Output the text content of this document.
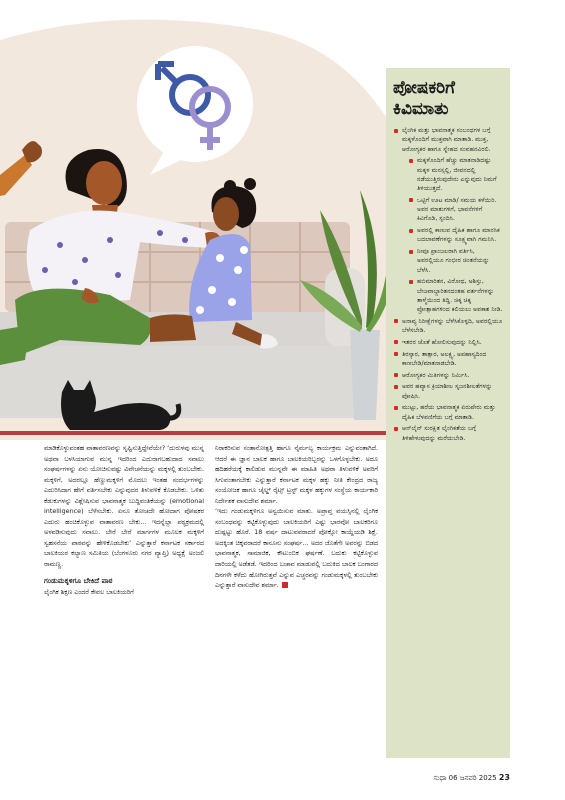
ಪೋಷಕರಿಗೆ
ಕಿವಿಮಾತು
ಲೈಂಗಿಕ ಮತ್ತು ಭಾವನಾತ್ಮಕ ಸಂಬಂಧಗಳ ಬಗ್ಗೆ ಮಕ್ಕಳೊಂದಿಗೆ ಮುಕ್ತವಾಗಿ ಮಾತಾಡಿ. ಮುಕ್ತ, ಆರೋಗ್ಯಕರ ಹಾಗೂ ಸ್ನೇಹದ ಸಂವಹನವಿರಲಿ.
ಮಕ್ಕಳೊಂದಿಗೆ ಹೆಚ್ಚು ಮಾತನಾಡಿದಷ್ಟು ಮಕ್ಕಳ ಮನಸ್ಸಲ್ಲಿ, ಜೀವನದಲ್ಲಿ ನಡೆಯುತ್ತಿರುವುದೇನು ಎನ್ನುವುದು ನಿಮಗೆ ತಿಳಿಯುತ್ತದೆ.
ಒಟ್ಟಿಗೆ ಊಟ ಮಾಡಿ/ ಸಮಯ ಕಳೆಯಿರಿ. ಅವರ ಮಾತುಗಳಿಗೆ, ಭಾವನೆಗಳಿಗೆ ಕಿವಿಗೊಡಿ, ಸ್ಪಂದಿಸಿ.
ಅವರಲ್ಲಿ ಕಾಣುವ ದೈಹಿಕ ಹಾಗೂ ಮಾನಸಿಕ ಬದಲಾವಣೆಗಳನ್ನು ಸೂಕ್ಷ್ಮವಾಗಿ ಗಮನಿಸಿ.
ನೀವೂ ಪ್ರಾಂಜಲರಾಗಿ ವರ್ತಿಸಿ, ಅವರಲ್ಲಿಯೂ ಗಂಭೀರ ಚಿಂತನೆಯನ್ನು ಬೆಳೆಸಿ.
ಹಬಿಮಾರಿತನ, ವಿರೋಧ, ಅಶಿಸ್ತು, ಬೇಜವಾಬ್ದಾರಿತನದಂತಹ ವರ್ತನೆಗಳನ್ನು ತಾಳ್ಮೆಯಿಂದ ತಿದ್ದಿ. ಚಿಕ್ಕ ಚಿಕ್ಕ ಪ್ರೋತ್ಸಾಹಗಳಿಂದ ಕಲಿಯಲು ಅವಕಾಶ ನೀಡಿ.
ಅನಾವ್ಯ ನಿರೀಕ್ಷೆಗಳನ್ನು ಬೆಳೆಸಿಕೊಳ್ಳದಿ, ಅವರಲ್ಲಿಯೂ ಬೆಳೆಸಬೇಡಿ.
ಇತರರ ಜೊತೆ ಹೋಲಿಸುವುದನ್ನು ನಿಲ್ಲಿಸಿ.
ತಿರಸ್ಕಾರ, ತಾತ್ಸಾರ, ಅಲಕ್ಷ್ಯ, ಅಪಹಾಸ್ಯದಿಂದ ಕಾಣಬೇಡಿ/ಮಾತನಾಡಬೇಡಿ.
ಆರೋಗ್ಯಕರ ಮಿತಿಗಳನ್ನು ನಿರ್ಮಿಸಿ.
ಅವರ ಹವ್ಯಾಸ ಕ್ರಿಯಾಶೀಲ ಸೃಜನಶೀಲತೆಗಳನ್ನು ಪೋಷಿಸಿ.
ಮುಟ್ಟು, ಹರೆಯ ಭಾವನಾತ್ಮಕ ಏರುಪೇರು ಮತ್ತು ದೈಹಿಕ ಬೆಳವಣಿಗೆಯ ಬಗ್ಗೆ ಮಾತಾಡಿ.
ಆನ್‌ಲೈನ್ ಸುರಕ್ಷಿತ ಲೈಂಗಿಕತೆಯ ಬಗ್ಗೆ ತಿಳಿಹೇಳುವುದನ್ನು ಮರೆಯಬೇಡಿ.

ಮಾಡಿಕೊಳ್ಳುವಂತಹ ವಾತಾವರಣವನ್ನು ಸೃಷ್ಟಿಸುತ್ತಿದ್ದೇವೆಯೇ? ‘ದುರುಳವು ಮುನ್ನ ಅಥವಾ ಬಳಸಿಯಾಗುವ ಮುನ್ನ ಇದರಿಂದ ಎದುರಾಗಬಹುದಾದ ಸವಾಲು ಸಂಘರ್ಷಗಳನ್ನು ಏನು ಯೋಚಿಸುವಷ್ಟು ವಿವೇಚನೆಯನ್ನು ಮಕ್ಕಳಲ್ಲಿ ತುಂಬಬೇಕು. ಮಕ್ಕಳಿಗೆ, ಅದರಲ್ಲೂ ಹೆಣ್ಣುಮಕ್ಕಳಿಗೆ ಮೊದಲು ಇಂತಹ ಸಂದರ್ಭಗಳನ್ನು ಎದುರಿಸಿದಾಗ ಹೇಗೆ ವರ್ತಿಸಬೇಕು ಎನ್ನುವುದರ ತಿಳುವಳಿಕೆ ಕೊಡಬೇಕು. ಒಳಿತು ಕೆಡುಕುಗಳನ್ನು ವಿಶ್ಲೇಷಿಸುವ ಭಾವನಾತ್ಮಕ ಬುದ್ಧಿವಂತಿಕೆಯನ್ನು (emotional intelligence) ಬೆಳೆಸಬೇಕು. ಏನೂ ತೋಚದೇ ಹೋದಾಗ ಪೋಷಕರ ಎದುರು ಹಂಚಿಕೊಳ್ಳುವ ವಾತಾವರಣ ಬೇಕು... ಇದನ್ನೆಲ್ಲಾ ಪಠ್ಯಕ್ರಮದಲ್ಲಿ ಅಳವಡಿಸುವುದು ಸವಾಲು. ಬೇರೆ ಬೇರೆ ಮಾರ್ಗಗಳ ಮೂಲಕ ಮಕ್ಕಳಿಗೆ ಸ್ವಹಸನೆಯ ಪಾಠವನ್ನು ಹೇಳಿಕೊಡಬೇಕು’ ಎನ್ನುತ್ತಾರೆ ಕರ್ನಾಟಕ ಸರ್ಕಾರದ ಬಾಲಕಿಯರ ಕಲ್ಯಾಣ ಸಮಿತಿಯ (ಬೆಂಗಳೂರು ನಗರ ವ್ಯಾಪ್ತಿ) ಅಧ್ಯಕ್ಷೆ ಅಂಜಲಿ ರಾಮಣ್ಣ.

ಗಂಡುಮಕ್ಕಳಿಗೂ ಬೇಕಿದೆ ಪಾಠ

ಲೈಂಗಿಕ ಶಿಕ್ಷಣ ಎಂದರೆ ಕೇವಲ ಬಾಲಕಿಯರಿಗೆ

ನಿರಾಕರಿಸುವ ಸಂತಾನೋತ್ಪತ್ತಿ ಹಾಗೂ ನೈರ್ಮಲ್ಯ ಕಾರ್ಯಕ್ರಮ ಎನ್ನುವಂತಾಗಿದೆ. ಆದರೆ ಈ ಜ್ಞಾನ ಬಾಲಕ ಹಾಗೂ ಬಾಲಕಿಯರಿಬ್ಬರನ್ನು ಒಳಗೊಳ್ಳಬೇಕು. ಅದೂ ಹದಿಹರೆಯಕ್ಕೆ ಕಾಲಿಡುವ ಮುನ್ನವೇ ಈ ಮಾಹಿತಿ ಅಥವಾ ತಿಳುವಳಿಕೆ ಅವರಿಗೆ ಸಿಗುವಂತಾಗಬೇಕು ಎನ್ನುತ್ತಾರೆ ಕರ್ನಾಟಕ ಮಕ್ಕಳ ಹಕ್ಕು ನೀತಿ ಕೇಂದ್ರದ ರಾಜ್ಯ ಸಂಯೋಜಕ ಹಾಗೂ ಚೈಲ್ಡ್ ರೈಟ್ಸ್ ಟ್ರಸ್ಟ್ ಮಕ್ಕಳ ಹಕ್ಕುಗಳ ಸಂಸ್ಥೆಯ ಕಾರ್ಯಕಾರಿ ನಿರ್ದೇಶಕ ವಾಸುದೇವ ಶರ್ಮಾ.

‘ಇದು ಗಂಡುಮಕ್ಕಳಿಗೂ ಅನ್ವಯಿಸುವ ಮಾತು. ಅಪ್ರಾಪ್ತ ವಯಸ್ಸಿನಲ್ಲಿ ಲೈಂಗಿಕ ಸಂಬಂಧವನ್ನು ಕಟ್ಟಿಕೊಳ್ಳುವುದು ಬಾಲಕಿಯರಿಗೆ ಎಷ್ಟು ಭಾರವೋ ಬಾಲಕರಿಗೂ ದುಷ್ಪಟ್ಟು ಹೊರೆ. 18 ವರ್ಷ ದಾಟುವವರಾದರೆ ಪೋಕ್ಸೋ ಕಾಯ್ದೆಯಡಿ ಶಿಕ್ಷೆ. ಅದಕ್ಕಿಂತ ಚಿಕ್ಕವರಾದರೆ ಕಾನೂನು ಸಂಘರ್ಷ... ಅದರ ಜೊತೆಗೇ ಅವರನ್ನು ಬಿಡದ ಭಾವನಾತ್ಮಕ, ಸಾಮಾಜಿಕ, ಕೌಟುಂಬಿಕ ಘರ್ಷಣೆ. ಬದುಕು ಕಟ್ಟಿಕೊಳ್ಳುವ ದಾರಿಯಲ್ಲಿ ಅಡೆತಡೆ. ಇದರಿಂದ ಬಚಾವ ಮಾಡುವಲ್ಲಿ ಬದುಕಿದ ಬಾಲಕ ಬಂಗಾರದ ದಿನಗಳೇ ಕಳೆದು ಹೋಗಿರುತ್ತವೆ ಎನ್ನುವ ಎಚ್ಚರವನ್ನು ಗಂಡುಮಕ್ಕಳಲ್ಲಿ ತುಂಬಬೇಕು ಎನ್ನುತ್ತಾರೆ ವಾಸುದೇವ ಶರ್ಮಾ.

ಸುಧಾ 06 ಜನವರಿ 2025 23
